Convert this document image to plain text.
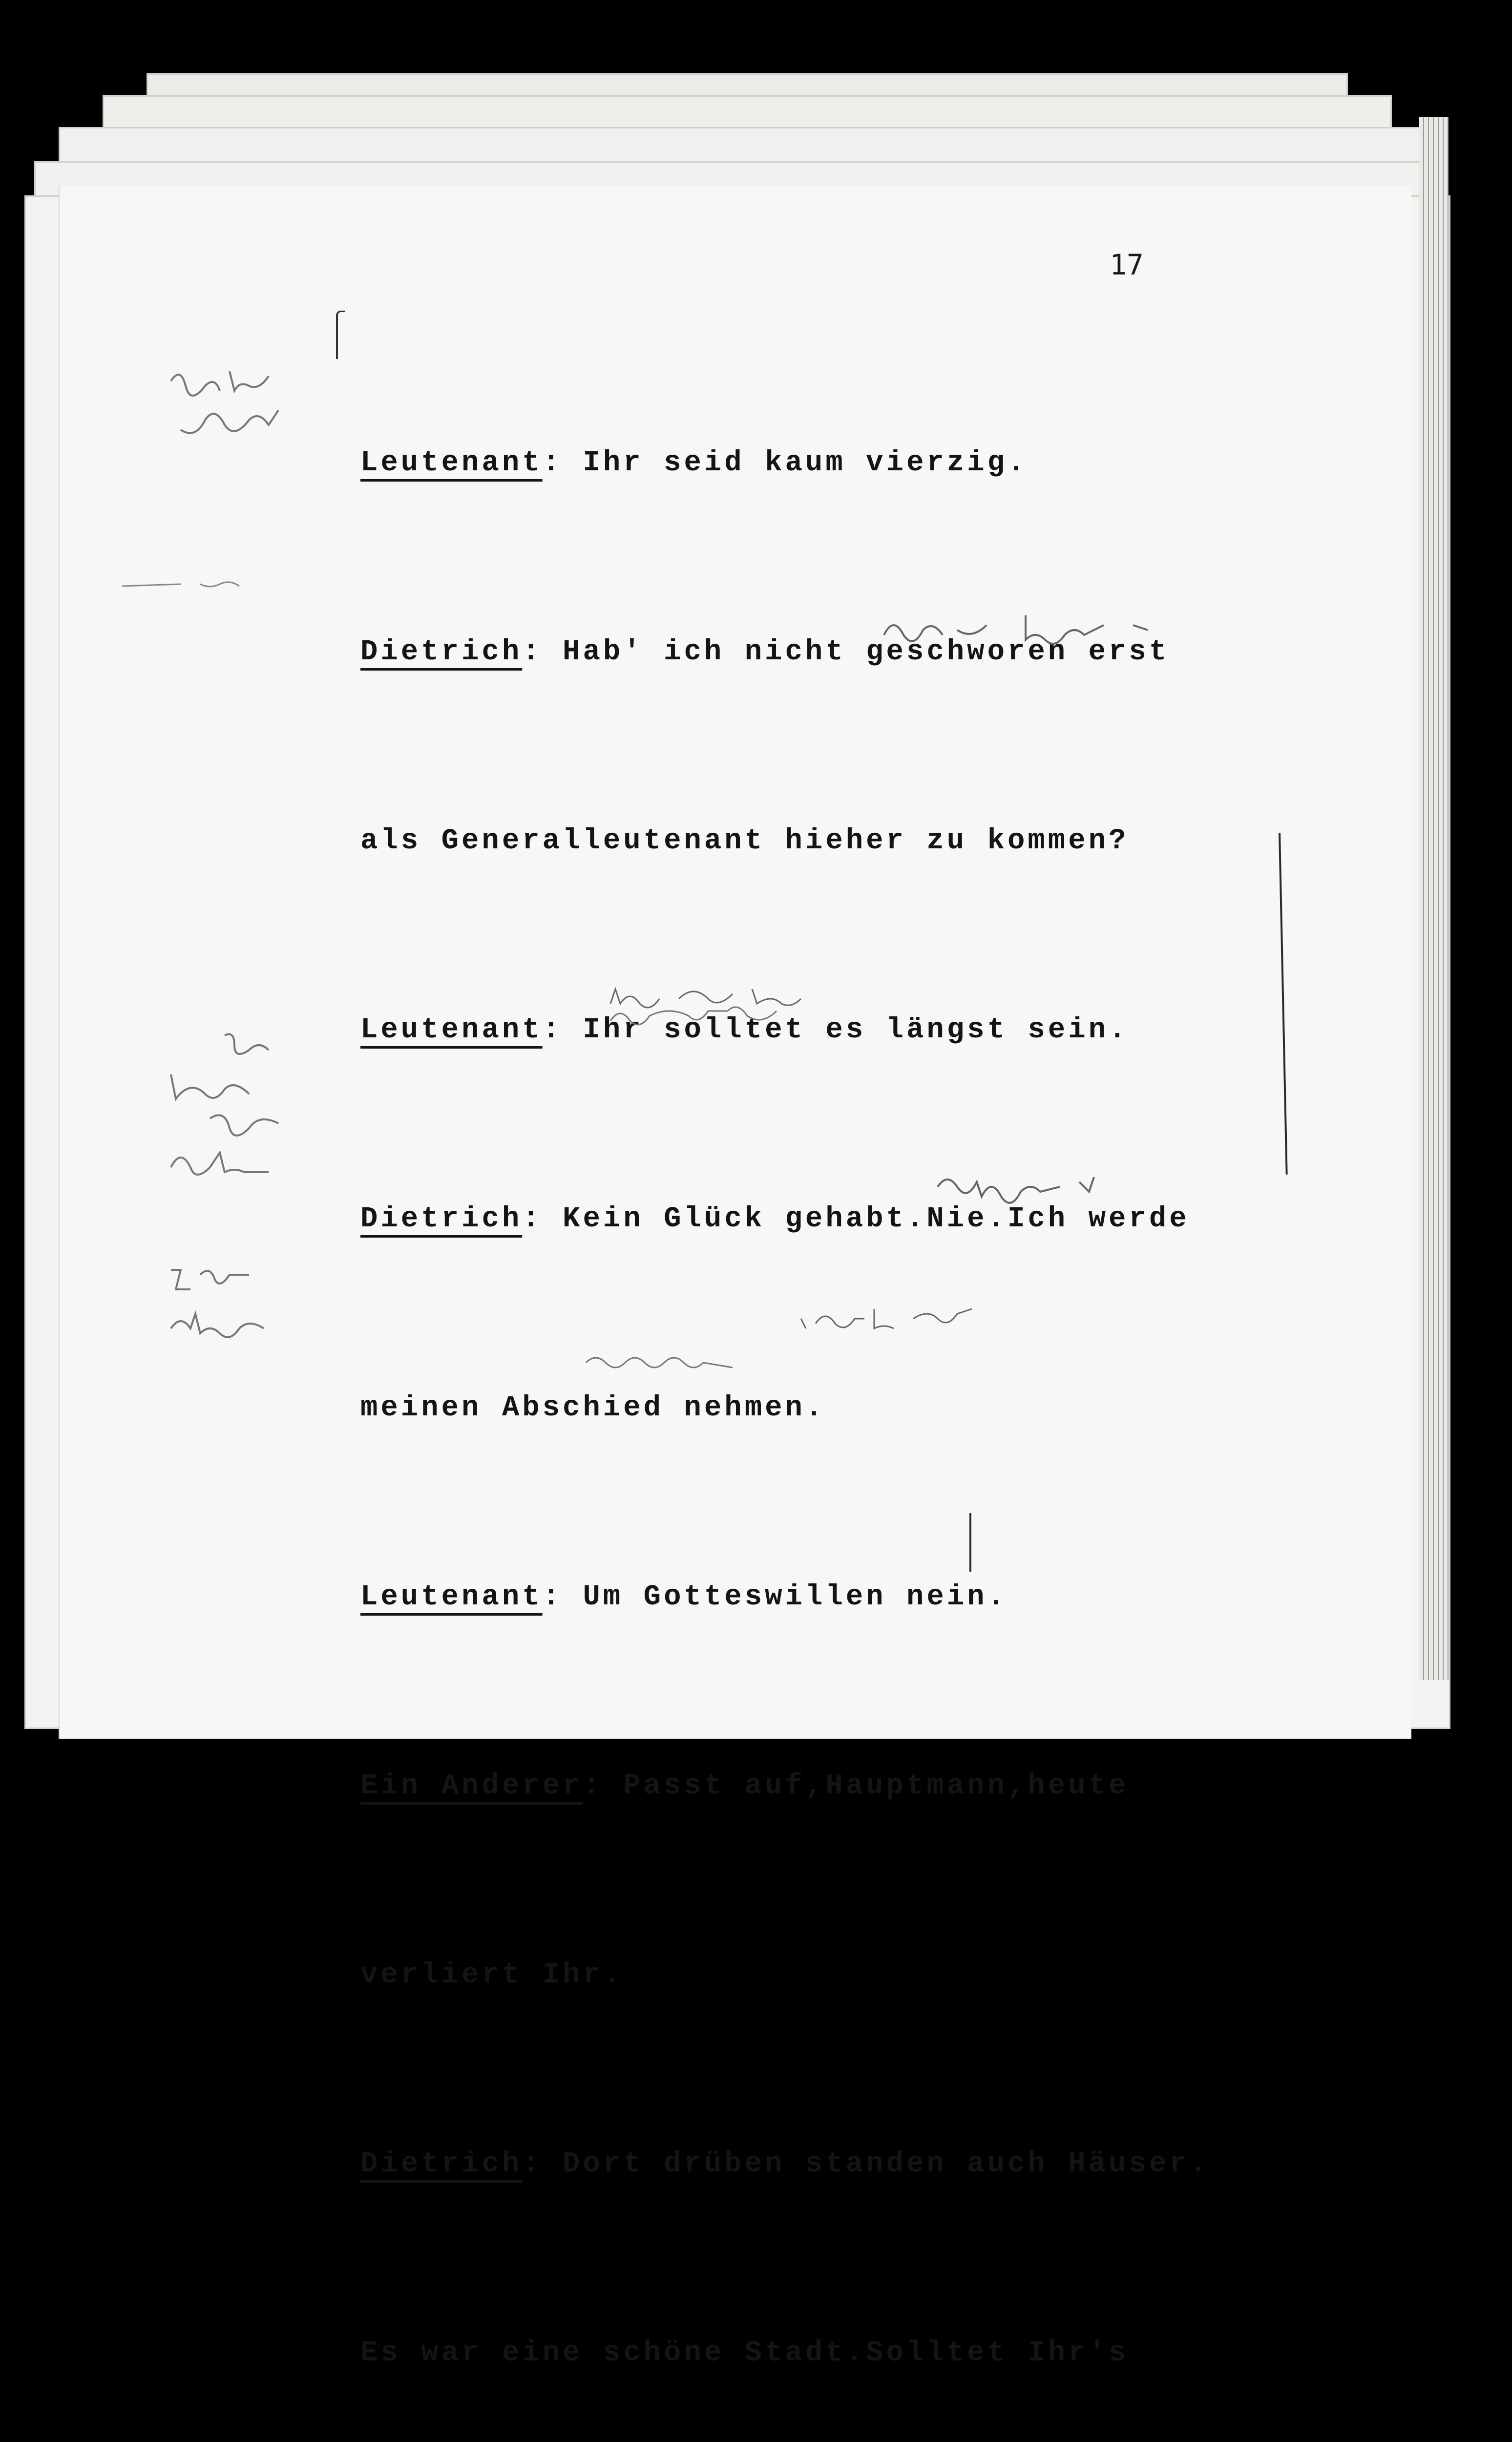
17

Leutenant: Ihr seid kaum vierzig.

Dietrich: Hab' ich nicht geschworen erst

als Generalleutenant hieher zu kommen?

Leutenant: Ihr solltet es längst sein.

Dietrich: Kein Glück gehabt.Nie.Ich werde

meinen Abschied nehmen.

Leutenant: Um Gotteswillen nein.

Ein Anderer: Passt auf,Hauptmann,heute

verliert Ihr.

Dietrich: Dort drüben standen auch Häuser.

Es war eine schöne Stadt.Solltet Ihr's
